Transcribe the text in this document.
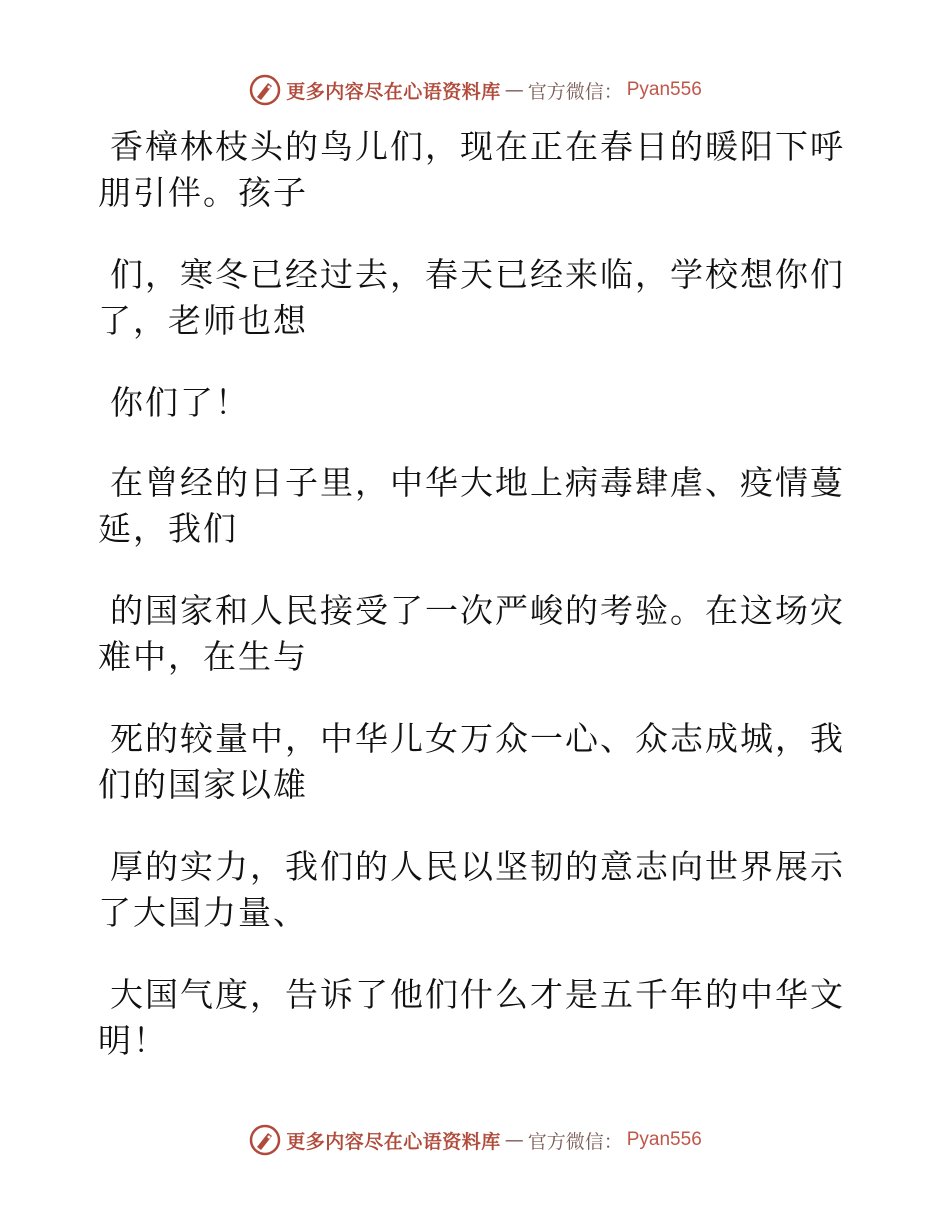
更多内容尽在心语资料库 — 官方微信： Pyan556
香樟林枝头的鸟儿们，现在正在春日的暖阳下呼
朋引伴。孩子
们，寒冬已经过去，春天已经来临，学校想你们
了，老师也想
你们了！
在曾经的日子里，中华大地上病毒肆虐、疫情蔓
延，我们
的国家和人民接受了一次严峻的考验。在这场灾
难中，在生与
死的较量中，中华儿女万众一心、众志成城，我
们的国家以雄
厚的实力，我们的人民以坚韧的意志向世界展示
了大国力量、
大国气度，告诉了他们什么才是五千年的中华文
明！
更多内容尽在心语资料库 — 官方微信： Pyan556
